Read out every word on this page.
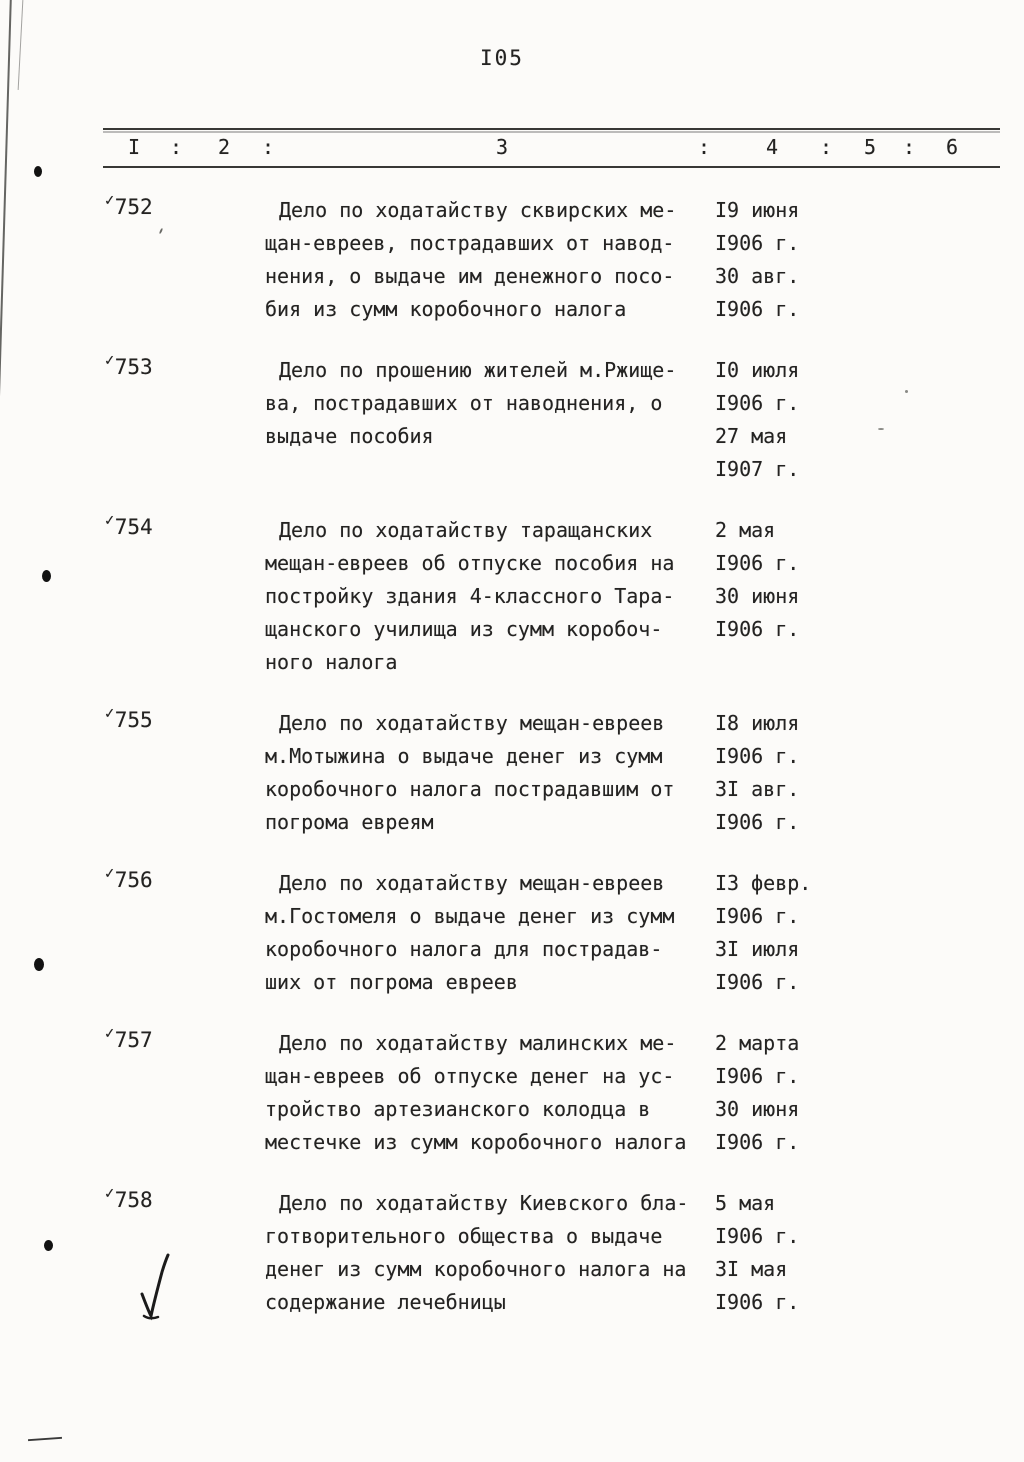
I05
I	2	3	4	5	6
:	:	:	:	:
✓752	Дело по ходатайству сквирских ме-	I9 июня
щан-евреев, пострадавших от навод-	I906 г.
нения, о выдаче им денежного посо-	30 авг.
бия из сумм коробочного налога	I906 г.
✓753	Дело по прошению жителей м.Ржище-	I0 июля
ва, пострадавших от наводнения, о	I906 г.
выдаче пособия	27 мая
I907 г.
✓754	Дело по ходатайству таращанских	2 мая
мещан-евреев об отпуске пособия на	I906 г.
постройку здания 4-классного Тара-	30 июня
щанского училища из сумм коробоч-	I906 г.
ного налога
✓755	Дело по ходатайству мещан-евреев	I8 июля
м.Мотыжина о выдаче денег из сумм	I906 г.
коробочного налога пострадавшим от	3I авг.
погрома евреям	I906 г.
✓756	Дело по ходатайству мещан-евреев	I3 февр.
м.Гостомеля о выдаче денег из сумм	I906 г.
коробочного налога для пострадав-	3I июля
ших от погрома евреев	I906 г.
✓757	Дело по ходатайству малинских ме-	2 марта
щан-евреев об отпуске денег на ус-	I906 г.
тройство артезианского колодца в	30 июня
местечке из сумм коробочного налога	I906 г.
✓758	Дело по ходатайству Киевского бла-	5 мая
готворительного общества о выдаче	I906 г.
денег из сумм коробочного налога на	3I мая
содержание лечебницы	I906 г.
